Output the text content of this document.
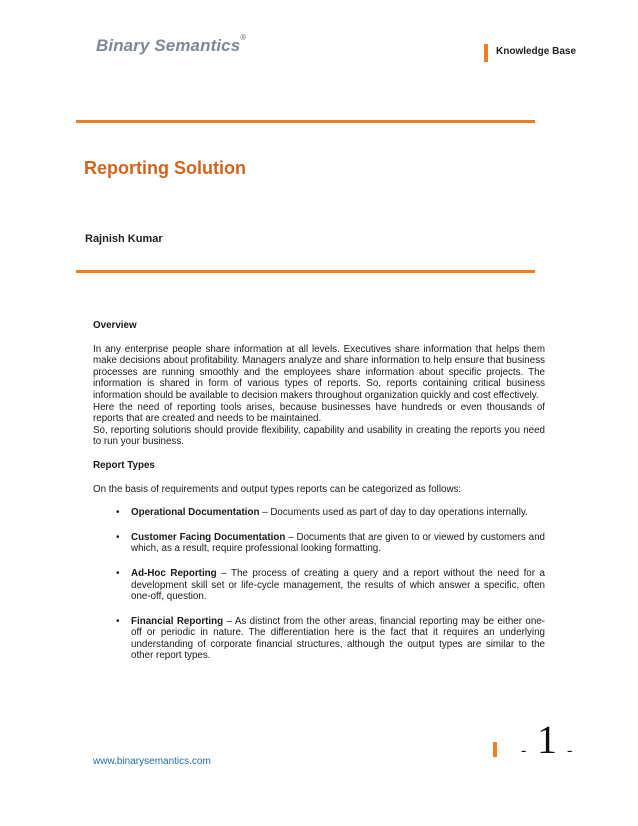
Binary Semantics®
Knowledge Base
Reporting Solution
Rajnish Kumar

Overview

In any enterprise people share information at all levels. Executives share information that helps them make decisions about profitability. Managers analyze and share information to help ensure that business processes are running smoothly and the employees share information about specific projects. The information is shared in form of various types of reports. So, reports containing critical business information should be available to decision makers throughout organization quickly and cost effectively.

Here the need of reporting tools arises, because businesses have hundreds or even thousands of reports that are created and needs to be maintained.

So, reporting solutions should provide flexibility, capability and usability in creating the reports you need to run your business.

Report Types

On the basis of requirements and output types reports can be categorized as follows:

• Operational Documentation – Documents used as part of day to day operations internally.
• Customer Facing Documentation – Documents that are given to or viewed by customers and which, as a result, require professional looking formatting.
• Ad-Hoc Reporting – The process of creating a query and a report without the need for a development skill set or life-cycle management, the results of which answer a specific, often one-off, question.
• Financial Reporting – As distinct from the other areas, financial reporting may be either one-off or periodic in nature. The differentiation here is the fact that it requires an underlying understanding of corporate financial structures, although the output types are similar to the other report types.
www.binarysemantics.com
- 1 -
